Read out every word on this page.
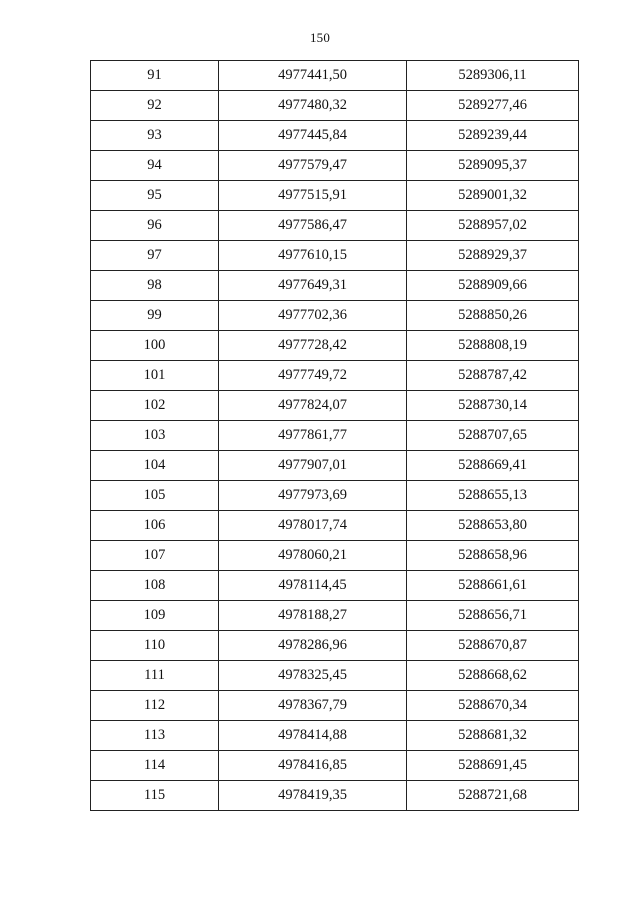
150
91	4977441,50	5289306,11
92	4977480,32	5289277,46
93	4977445,84	5289239,44
94	4977579,47	5289095,37
95	4977515,91	5289001,32
96	4977586,47	5288957,02
97	4977610,15	5288929,37
98	4977649,31	5288909,66
99	4977702,36	5288850,26
100	4977728,42	5288808,19
101	4977749,72	5288787,42
102	4977824,07	5288730,14
103	4977861,77	5288707,65
104	4977907,01	5288669,41
105	4977973,69	5288655,13
106	4978017,74	5288653,80
107	4978060,21	5288658,96
108	4978114,45	5288661,61
109	4978188,27	5288656,71
110	4978286,96	5288670,87
111	4978325,45	5288668,62
112	4978367,79	5288670,34
113	4978414,88	5288681,32
114	4978416,85	5288691,45
115	4978419,35	5288721,68
